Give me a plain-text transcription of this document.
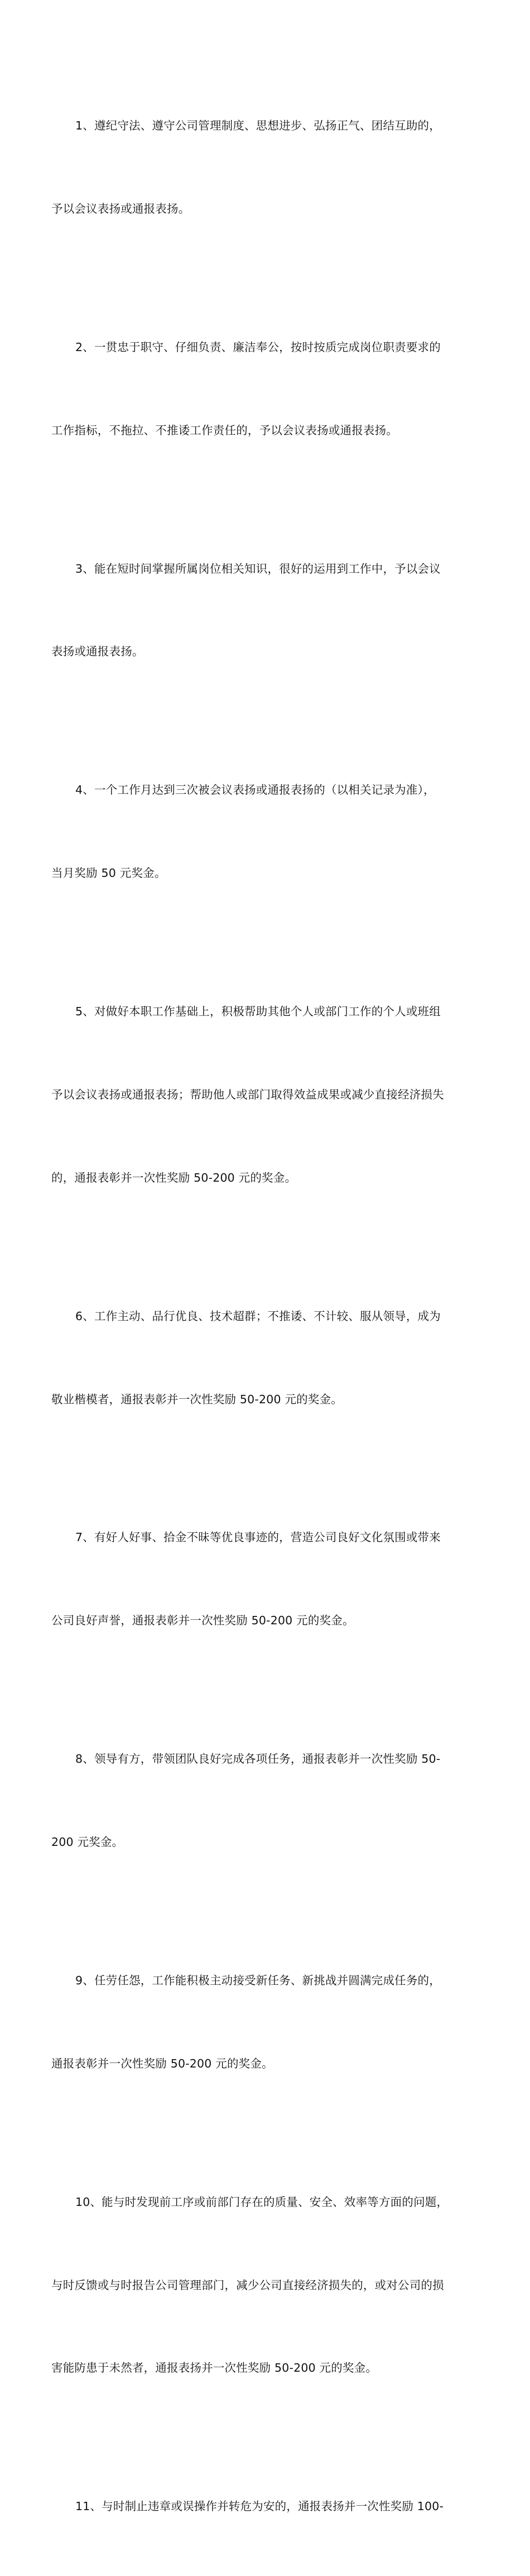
1、遵纪守法、遵守公司管理制度、思想进步、弘扬正气、团结互助的，

予以会议表扬或通报表扬。

2、一贯忠于职守、仔细负责、廉洁奉公，按时按质完成岗位职责要求的

工作指标，不拖拉、不推诿工作责任的，予以会议表扬或通报表扬。

3、能在短时间掌握所属岗位相关知识，很好的运用到工作中，予以会议

表扬或通报表扬。

4、一个工作月达到三次被会议表扬或通报表扬的（以相关记录为准），

当月奖励 50 元奖金。

5、对做好本职工作基础上，积极帮助其他个人或部门工作的个人或班组

予以会议表扬或通报表扬；帮助他人或部门取得效益成果或减少直接经济损失

的，通报表彰并一次性奖励 50-200 元的奖金。

6、工作主动、品行优良、技术超群；不推诿、不计较、服从领导，成为

敬业楷模者，通报表彰并一次性奖励 50-200 元的奖金。

7、有好人好事、拾金不昧等优良事迹的，营造公司良好文化氛围或带来

公司良好声誉，通报表彰并一次性奖励 50-200 元的奖金。

8、领导有方，带领团队良好完成各项任务，通报表彰并一次性奖励 50-

200 元奖金。

9、任劳任怨，工作能积极主动接受新任务、新挑战并圆满完成任务的，

通报表彰并一次性奖励 50-200 元的奖金。

10、能与时发现前工序或前部门存在的质量、安全、效率等方面的问题，

与时反馈或与时报告公司管理部门，减少公司直接经济损失的，或对公司的损

害能防患于未然者，通报表扬并一次性奖励 50-200 元的奖金。

11、与时制止违章或误操作并转危为安的，通报表扬并一次性奖励 100-
